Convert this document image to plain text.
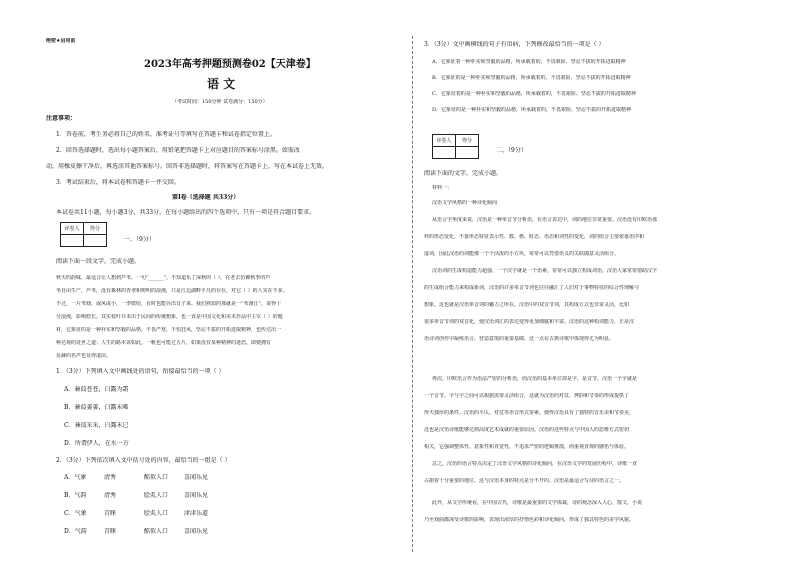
绝密★启用前
2023年高考押题预测卷02【天津卷】
语 文
（考试时间：150分钟 试卷满分：150分）
注意事项：
1．答卷前，考生务必将自己的姓名、准考证号等填写在答题卡和试卷指定位置上。
2．回答选择题时，选出每小题答案后，用铅笔把答题卡上对应题目的答案标号涂黑。如需改
动，用橡皮擦干净后，再选涂其他答案标号。回答非选择题时，将答案写在答题卡上，写在本试卷上无效。
3．考试结束后，将本试卷和答题卡一并交回。
第Ⅰ卷（选择题 共33分）
本试卷共11小题，每小题3分，共33分。在每小题给出的四个选项中，只有一项是符合题目要求。
评卷人	得分

一、（9分）
阅读下面一段文字，完成小题。
秋天的韵味，最适合让人想到芦苇，一句“______”，不知道乐了深秋的（ ）。在老去仿佛秋季的芦
苇自由生产，芦苇，没有森林的青翠和树明的浪漫，只是江边湖畔平凡的存在，对它（ ）的人实在不多。
不过，一片苇塘，或风或小，一季缤纷，有时也能亮出日子来。我们熟知的那就是一“苇渡江”，说得十
分浪漫，影响悠长，其实枝叶并未出于民间的传统想象，也一直是中国文化和美术作品中主宰（ ）的题
材，它象征的是一种朴实和坚毅的品格，不畏严寒，不怕狂风，坚忍不拔的开拓进取精神，也传达出一
种达观的处世之道；人生的路本该如此，一帆也可能过五片，如果没有某种精神的迷恋，即便拥有
显赫的名声也显得凄凉。
1．（3分）下列填入文中画线处的语句，衔接最恰当的一项（ ）
A．蒹葭苍苍，白露为霜
B．蒹葭萋萋，白露未晞
C．蒹葭采采，白露未已
D．所谓伊人，在水一方
2．（3分）下列依次填入文中括号处的内容，最恰当的一组是（ ）
A．气象	清秀	酷似人口	喜闻乐见
B．气韵	清秀	脍炙人口	喜闻乐见
C．气象	青睐	脍炙人口	津津乐道
D．气韵	青睐	酷似人口	喜闻乐见
3．（3分）文中画横线的句子有语病，下列修改最恰当的一项是（ ）
A．它象征着一种朴实和坚毅的品格，所承载着的，不畏艰险、坚忍不拔的开拓进取精神
B．它象征的是一种朴实和坚毅的品格，所承载着的，不畏艰险、坚忍不拔的开拓进取精神
C．它象征着的是一种朴实和坚毅的品格，所承载着的，不畏艰险、坚忍不拔的开拓进取精神
D．它象征的是一种朴实和坚毅的品格，所承载着的，不畏艰险、坚忍不拔的开拓进取精神
评卷人	得分

二、（9分）
阅读下面的文字，完成小题。
材料一：
汉语文学风格的一种诗化倾向
从语言学角度来说，汉语是一种单音节分析语，在语言表达中，词的地位非常重要。汉语没有印欧语那
样的形态变化，不靠形态特征表示性、数、格、时态、语态和词性的变化，词的组合主要依靠语序和
虚词，因此汉语的词能像一个个活泼的小方块，常常可以凭借语义的关联随意灵活组合。
汉语词的生成构造能力超强，一个汉字就是一个语素，常常可以独立构成词语。汉语大家常常借助汉字
的生成组合能力来构成新词，汉语的许多单音节词也往往融汇了人们对于事物特征的综合性理解与
想象，这也就是汉语单音词的魅力之所在。汉语中的双音节词，其构成方式也非常灵活，比如
很多单音节词的双音化，使汉语词汇的表达变得更加细腻和丰富。汉语的这种构词能力，正是汉
语诗词创作中凝练语言、营造意境的重要基础，这一点在古典诗歌中体现得尤为明显。
再次，印欧语言作为语法严密的分析语，而汉语的基本单位却是字，是音节，汉语一个字就是
一个音节，字与字之间可以根据需要灵活组合，这就为汉语的对仗、押韵和节奏的形成提供了
得天独厚的条件。汉语的平仄、对仗等语音形式要素，使得汉语具有了独特的音乐美和节奏美，
这也是汉语诗歌能够达到高度艺术成就的重要原因。汉语的这些特点与中国人的思维方式密切
相关，它强调整体性、意象性和直觉性，不追求严密的逻辑推演，而重视直观的感悟与体验。
总之，汉语的语言特点决定了汉语文学风格的诗化倾向，在汉语文学的发展历程中，诗歌一直
占据着十分重要的地位，这与汉语本身的特点是分不开的。汉语是最适合写诗的语言之一。
此外，从文学传统看，在中国古代，诗歌是最重要的文学体裁，诗的观念深入人心，散文、小说
乃至戏曲都深受诗歌的影响，表现出浓厚的抒情色彩和诗化倾向，形成了独具特色的美学风貌。
